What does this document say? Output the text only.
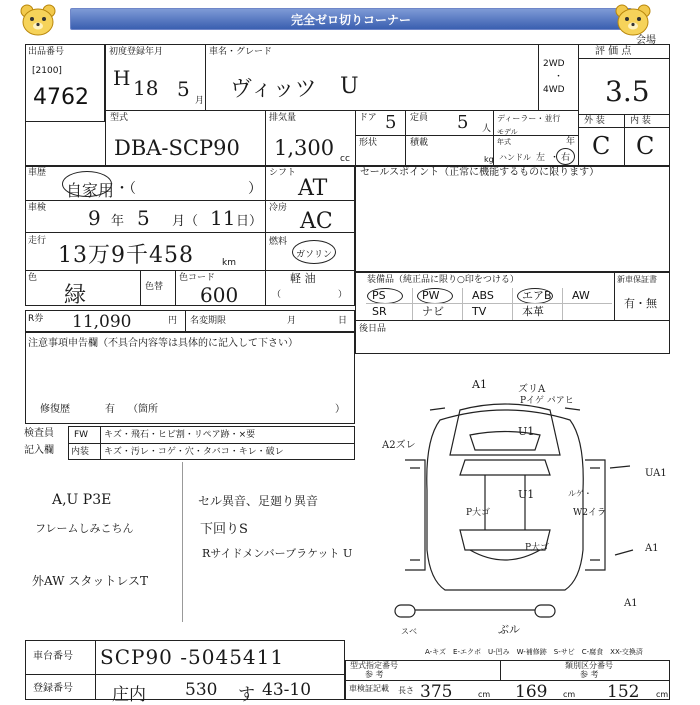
完全ゼロ切りコーナー
会場
出品番号
[2100]
4762
初度登録年月
H 18 5 月
車名・グレード
ヴィッツ U
2WD
・
4WD
評 価 点
3.5
外 装	内 装
C C
型式
DBA-SCP90
排気量
1,300 cc
ドア 5 定員 5 人
ディーラー・並行
モデル年式	年
形状	積載
kg ハンドル 左 ・ 右
車歴
自家用 ・（	）
車検 9 年 5 月（ 11 日）
走行
13万9千458	km
色
緑	色替
色コード
600
シフト
AT
冷房
AC
燃料
ガソリン
軽 油
（	）
セールスポイント（正常に機能するものに限ります）
装備品（純正品に限り○印をつける）	新車保証書
有・無
PS	PW	ABS	エアB AW
SR	ナビ	TV	本革
後日品
R券 11,090	円 名変期限	月	日
注意事項申告欄（不具合内容等は具体的に記入して下さい）
修復歴	有 （箇所	）
検査員
記入欄
FW キズ・飛石・ヒビ割・リペア跡・×要
内装 キズ・汚レ・コゲ・穴・タバコ・キレ・破レ
A,U P3E
フレームしみこちん
外AW スタットレスT
セル異音、足廻り異音
下回りS
Rサイドメンバーブラケット U
A1	ズリA
Pイゲ パアヒ
U1
A2ズレ
U1	ルゲ・
W2イラ
UA1
P大ゴ
P大ゴ	A1
A1
ぶル
スベ
A-キズ　E-エクボ　U-凹み　W-補修跡　S-サビ　C-腐食　XX-交換済
車台番号 SCP90 -5045411
登録番号 庄内 530 す 43-10
型式指定番号
参 考
類別区分番号
参 考
車検証記載 長さ 375	cm 169 cm 152 cm
